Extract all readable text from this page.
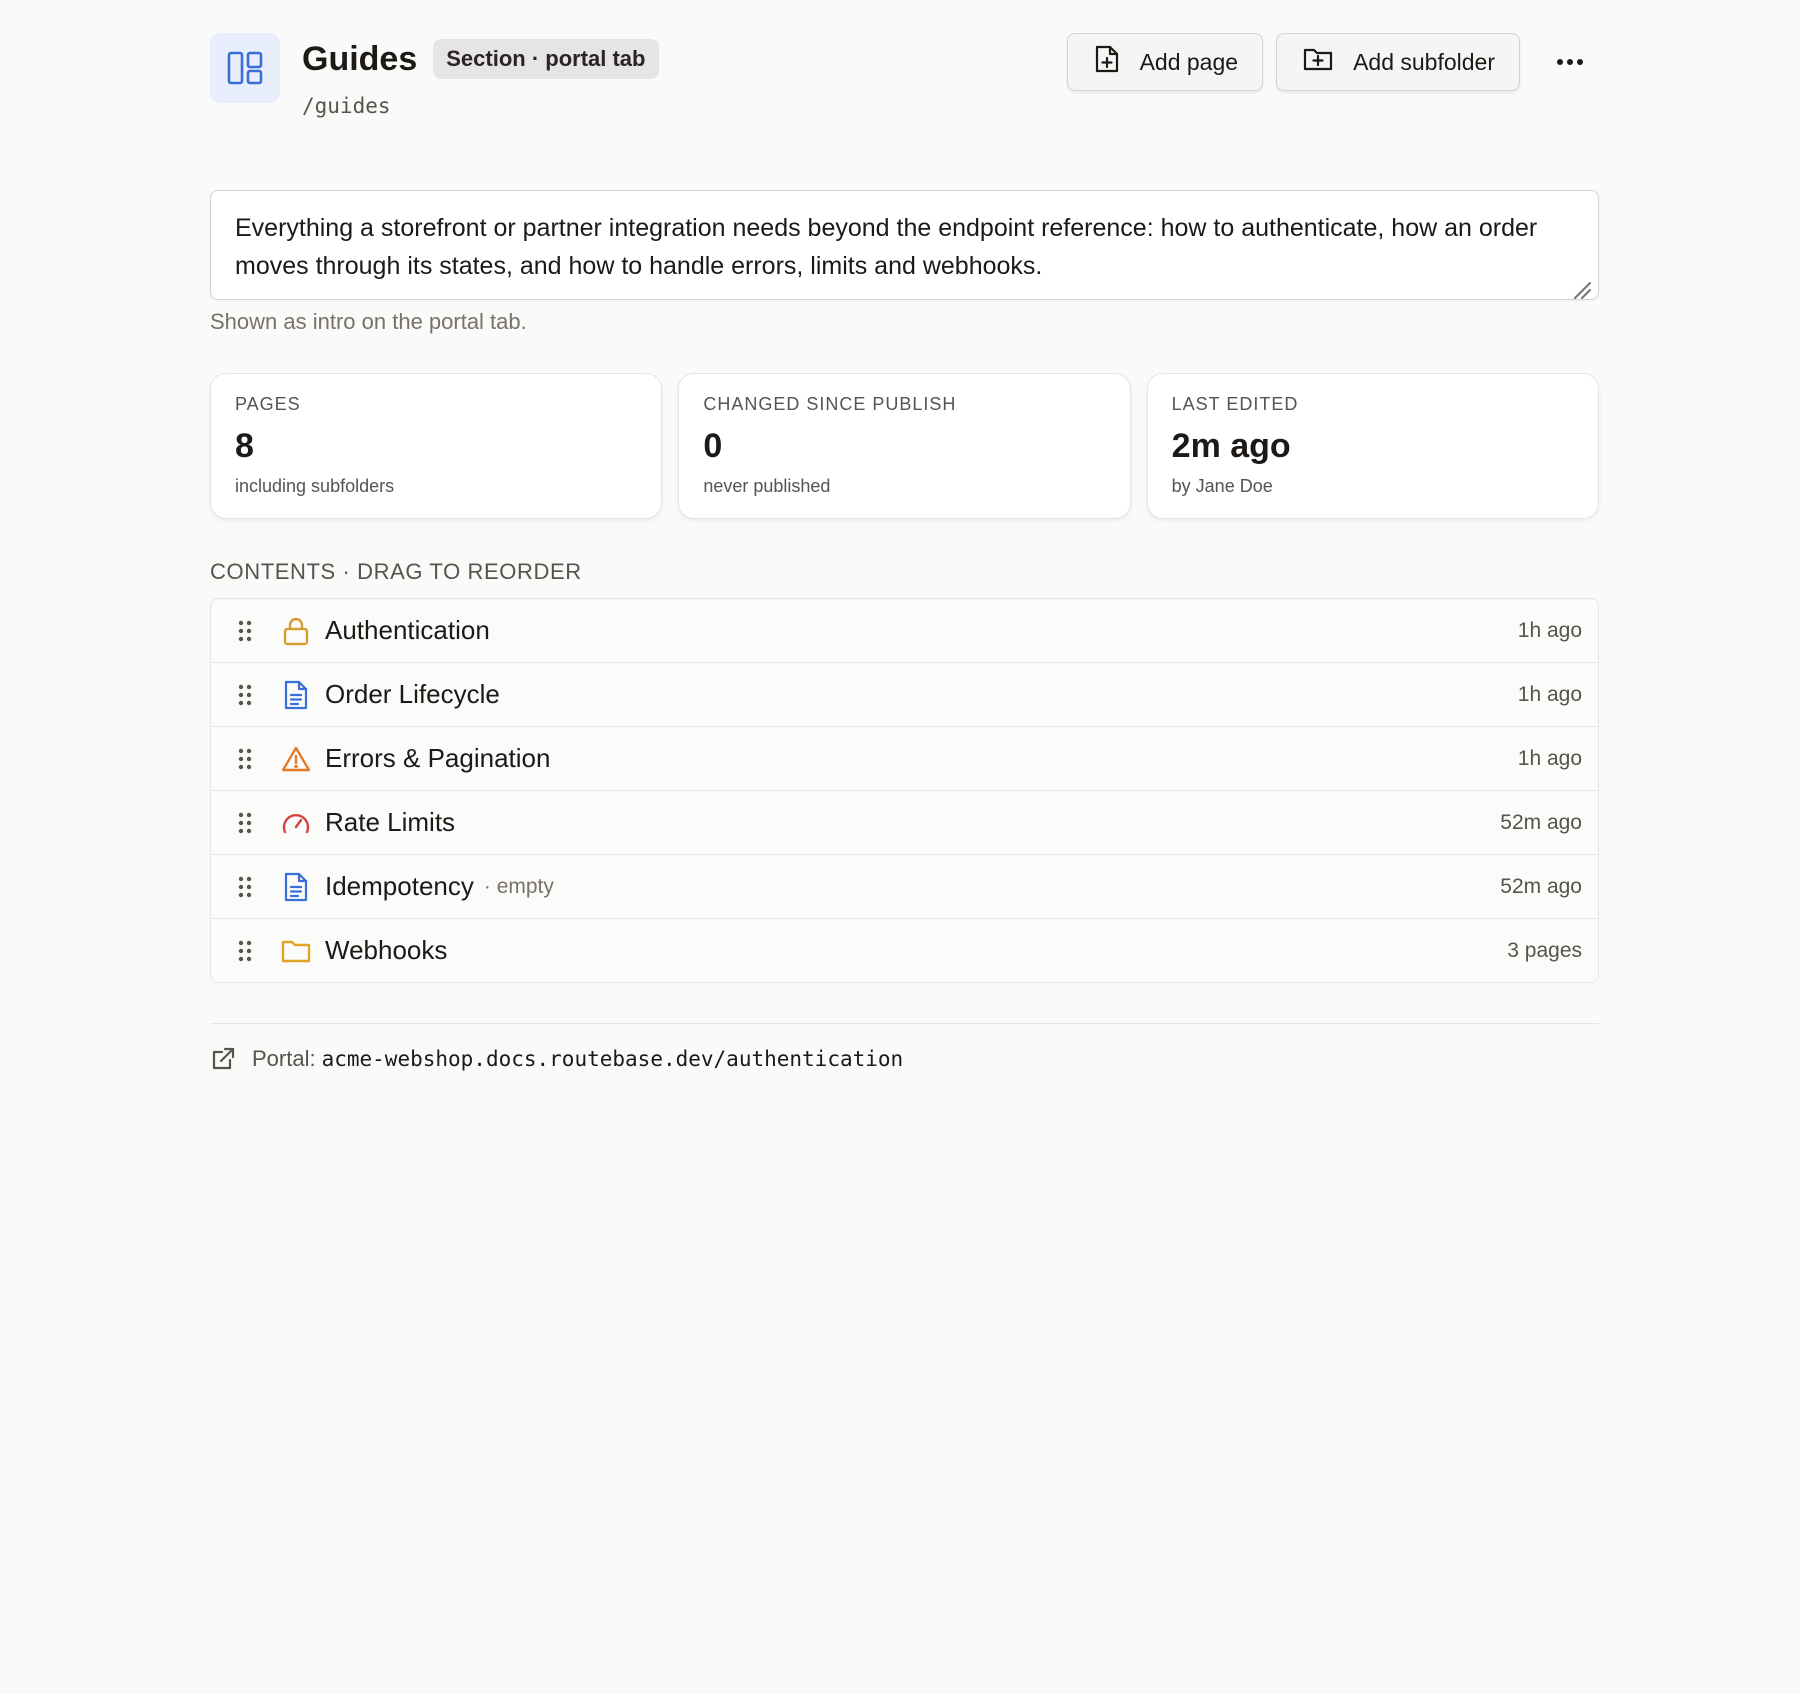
Guides	Section · portal tab
/guides
Add page	Add subfolder
Everything a storefront or partner integration needs beyond the endpoint reference: how to authenticate, how an order moves through its states, and how to handle errors, limits and webhooks.
Shown as intro on the portal tab.
PAGES
8
including subfolders
CHANGED SINCE PUBLISH
0
never published
LAST EDITED
2m ago
by Jane Doe
CONTENTS · DRAG TO REORDER
Authentication	1h ago
Order Lifecycle	1h ago
Errors & Pagination	1h ago
Rate Limits	52m ago
Idempotency · empty	52m ago
Webhooks	3 pages
Portal: acme-webshop.docs.routebase.dev/authentication
